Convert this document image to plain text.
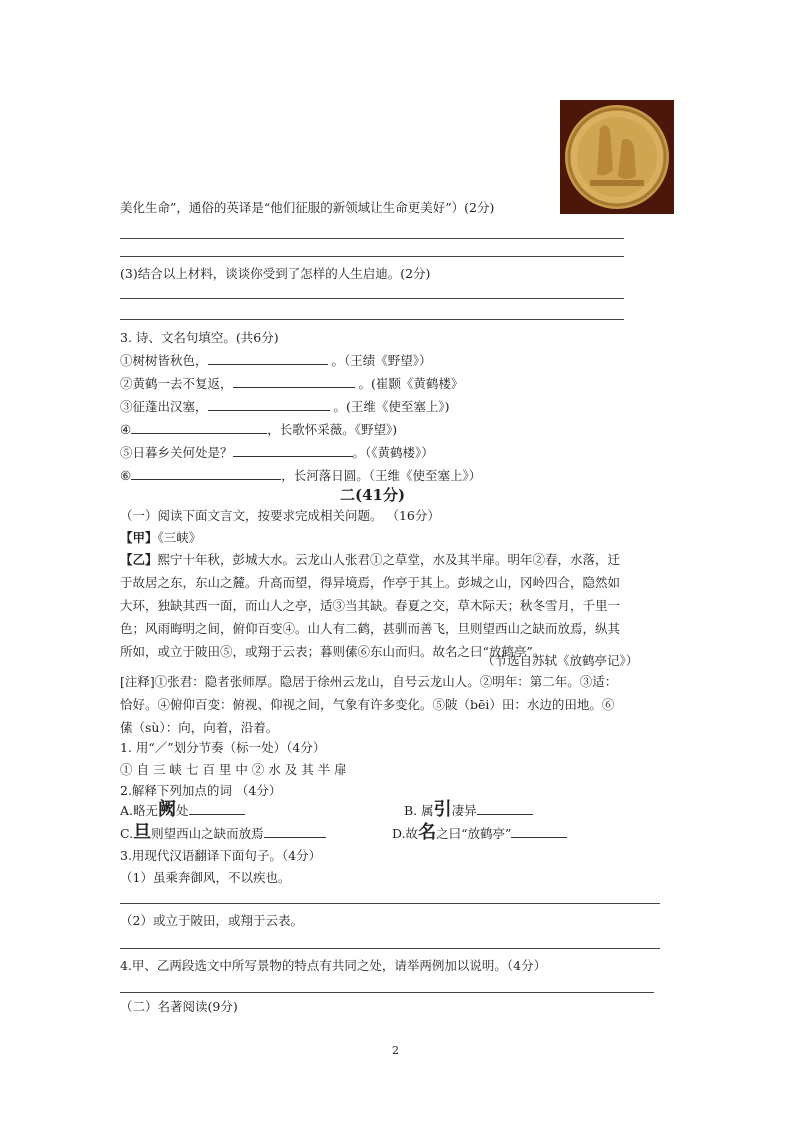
美化生命”，通俗的英译是“他们征服的新领域让生命更美好”）(2分)
(3)结合以上材料，谈谈你受到了怎样的人生启迪。(2分)
3. 诗、文名句填空。(共6分)
①树树皆秋色，	。（王绩《野望》）
②黄鹤一去不复返，	。(崔颢《黄鹤楼》
③征蓬出汉塞，	。(王维《使至塞上》)
④	，长歌怀采薇。《野望》)
⑤日暮乡关何处是？	。（《黄鹤楼》）
⑥	，长河落日圆。（王维《使至塞上》）
二(41分)
（一）阅读下面文言文，按要求完成相关问题。 （16分）
【甲】《三峡》
【乙】熙宁十年秋，彭城大水。云龙山人张君①之草堂，水及其半扉。明年②春，水落，迁
于故居之东，东山之麓。升高而望，得异境焉，作亭于其上。彭城之山，冈岭四合，隐然如
大环，独缺其西一面，而山人之亭，适③当其缺。春夏之交，草木际天；秋冬雪月，千里一
色；风雨晦明之间，俯仰百变④。山人有二鹤，甚驯而善飞，旦则望西山之缺而放焉，纵其
所如，或立于陂田⑤，或翔于云表；暮则傃⑥东山而归。故名之曰“放鹤亭”。
（节选自苏轼《放鹤亭记》）
[注释]①张君：隐者张师厚。隐居于徐州云龙山，自号云龙山人。②明年：第二年。③适：
恰好。④俯仰百变：俯视、仰视之间，气象有许多变化。⑤陂（bēi）田：水边的田地。⑥
傃（sù）：向，向着，沿着。
1. 用“／”划分节奏（标一处）（4分）
① 自 三 峡 七 百 里 中 ② 水 及 其 半 扉
2.解释下列加点的词 （4分）
A.略无阙处	B. 属引凄异
C.旦则望西山之缺而放焉	D.故名之曰“放鹤亭”
3.用现代汉语翻译下面句子。（4分）
（1）虽乘奔御风，不以疾也。
（2）或立于陂田，或翔于云表。
4.甲、乙两段选文中所写景物的特点有共同之处，请举两例加以说明。（4分）
（二）名著阅读(9分)
2
